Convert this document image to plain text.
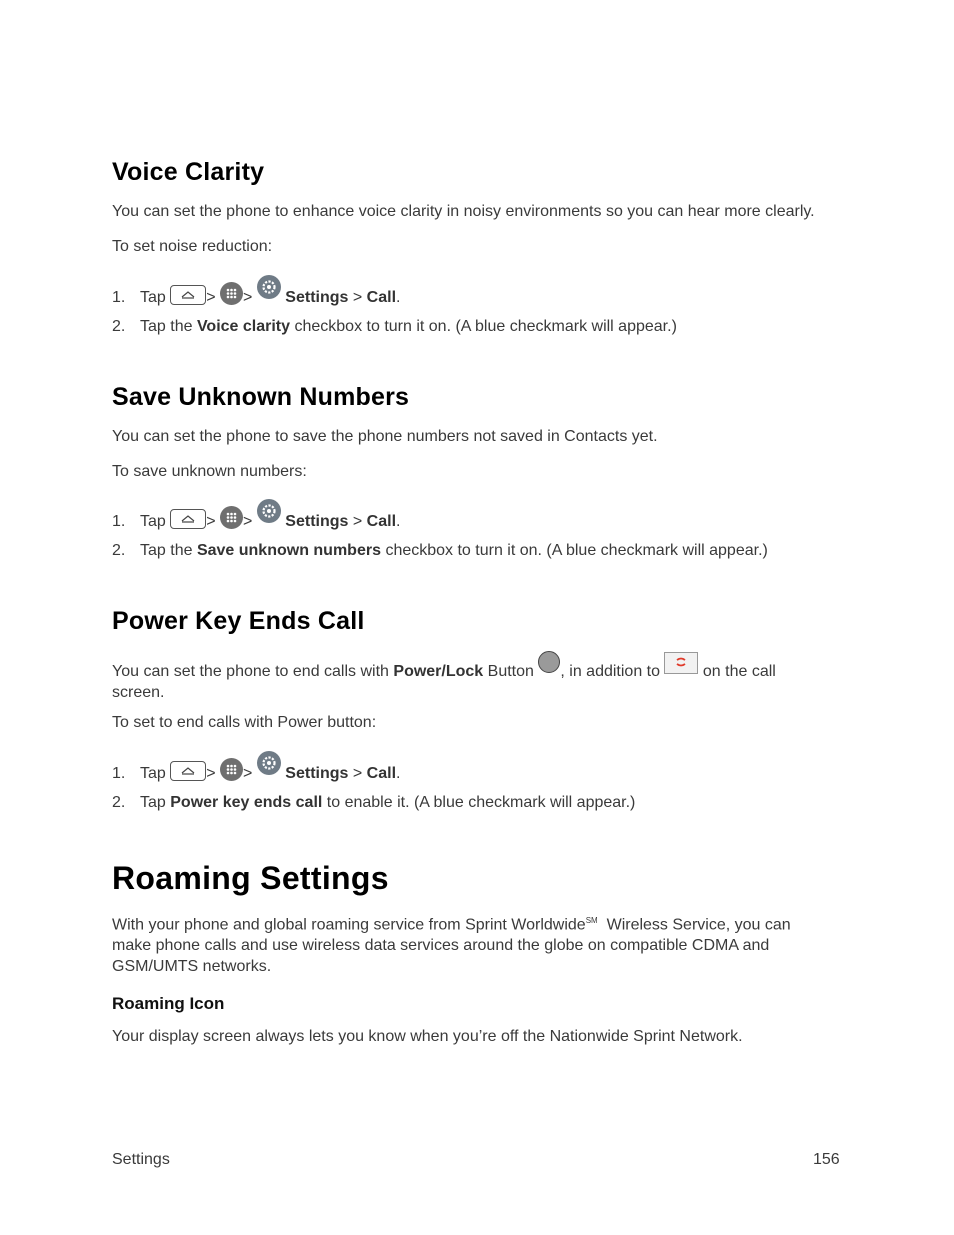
Voice Clarity
You can set the phone to enhance voice clarity in noisy environments so you can hear more clearly.
To set noise reduction:
1. Tap	> > Settings > Call.
2. Tap the Voice clarity checkbox to turn it on. (A blue checkmark will appear.)
Save Unknown Numbers
You can set the phone to save the phone numbers not saved in Contacts yet.
To save unknown numbers:
1. Tap	> > Settings > Call.
2. Tap the Save unknown numbers checkbox to turn it on. (A blue checkmark will appear.)
Power Key Ends Call
You can set the phone to end calls with Power/Lock Button , in addition to	on the call
screen.
To set to end calls with Power button:
1. Tap	> > Settings > Call.
2. Tap Power key ends call to enable it. (A blue checkmark will appear.)
Roaming Settings
With your phone and global roaming service from Sprint Worldwide℠ Wireless Service, you can
make phone calls and use wireless data services around the globe on compatible CDMA and
GSM/UMTS networks.
Roaming Icon
Your display screen always lets you know when you’re off the Nationwide Sprint Network.
Settings	156
